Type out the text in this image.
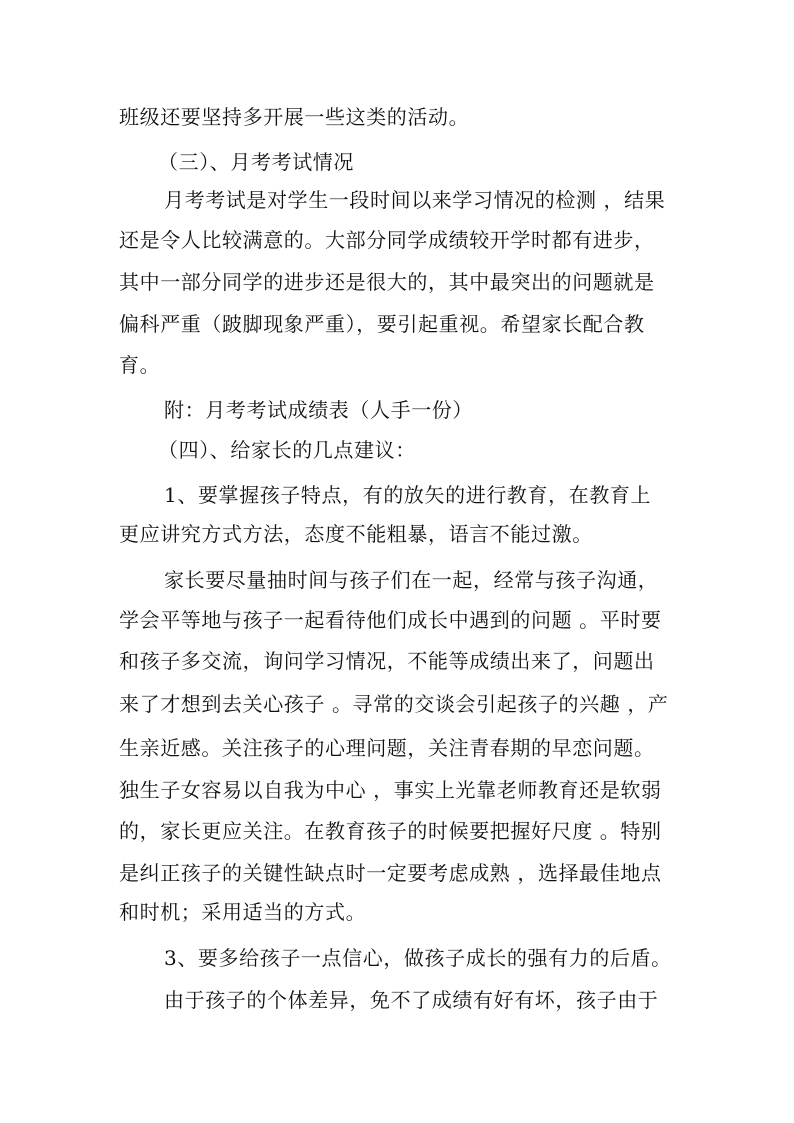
班级还要坚持多开展一些这类的活动。
（三）、月考考试情况
月考考试是对学生一段时间以来学习情况的检测 ，结果
还是令人比较满意的。大部分同学成绩较开学时都有进步，
其中一部分同学的进步还是很大的，其中最突出的问题就是
偏科严重（跛脚现象严重），要引起重视。希望家长配合教
育。
附：月考考试成绩表（人手一份）
（四）、给家长的几点建议：
1、要掌握孩子特点，有的放矢的进行教育，在教育上
更应讲究方式方法，态度不能粗暴，语言不能过激。
家长要尽量抽时间与孩子们在一起，经常与孩子沟通，
学会平等地与孩子一起看待他们成长中遇到的问题 。平时要
和孩子多交流，询问学习情况，不能等成绩出来了，问题出
来了才想到去关心孩子 。寻常的交谈会引起孩子的兴趣 ，产
生亲近感。关注孩子的心理问题，关注青春期的早恋问题。
独生子女容易以自我为中心 ，事实上光靠老师教育还是软弱
的，家长更应关注。在教育孩子的时候要把握好尺度 。特别
是纠正孩子的关键性缺点时一定要考虑成熟 ，选择最佳地点
和时机；采用适当的方式。
3、要多给孩子一点信心，做孩子成长的强有力的后盾。
由于孩子的个体差异，免不了成绩有好有坏，孩子由于
